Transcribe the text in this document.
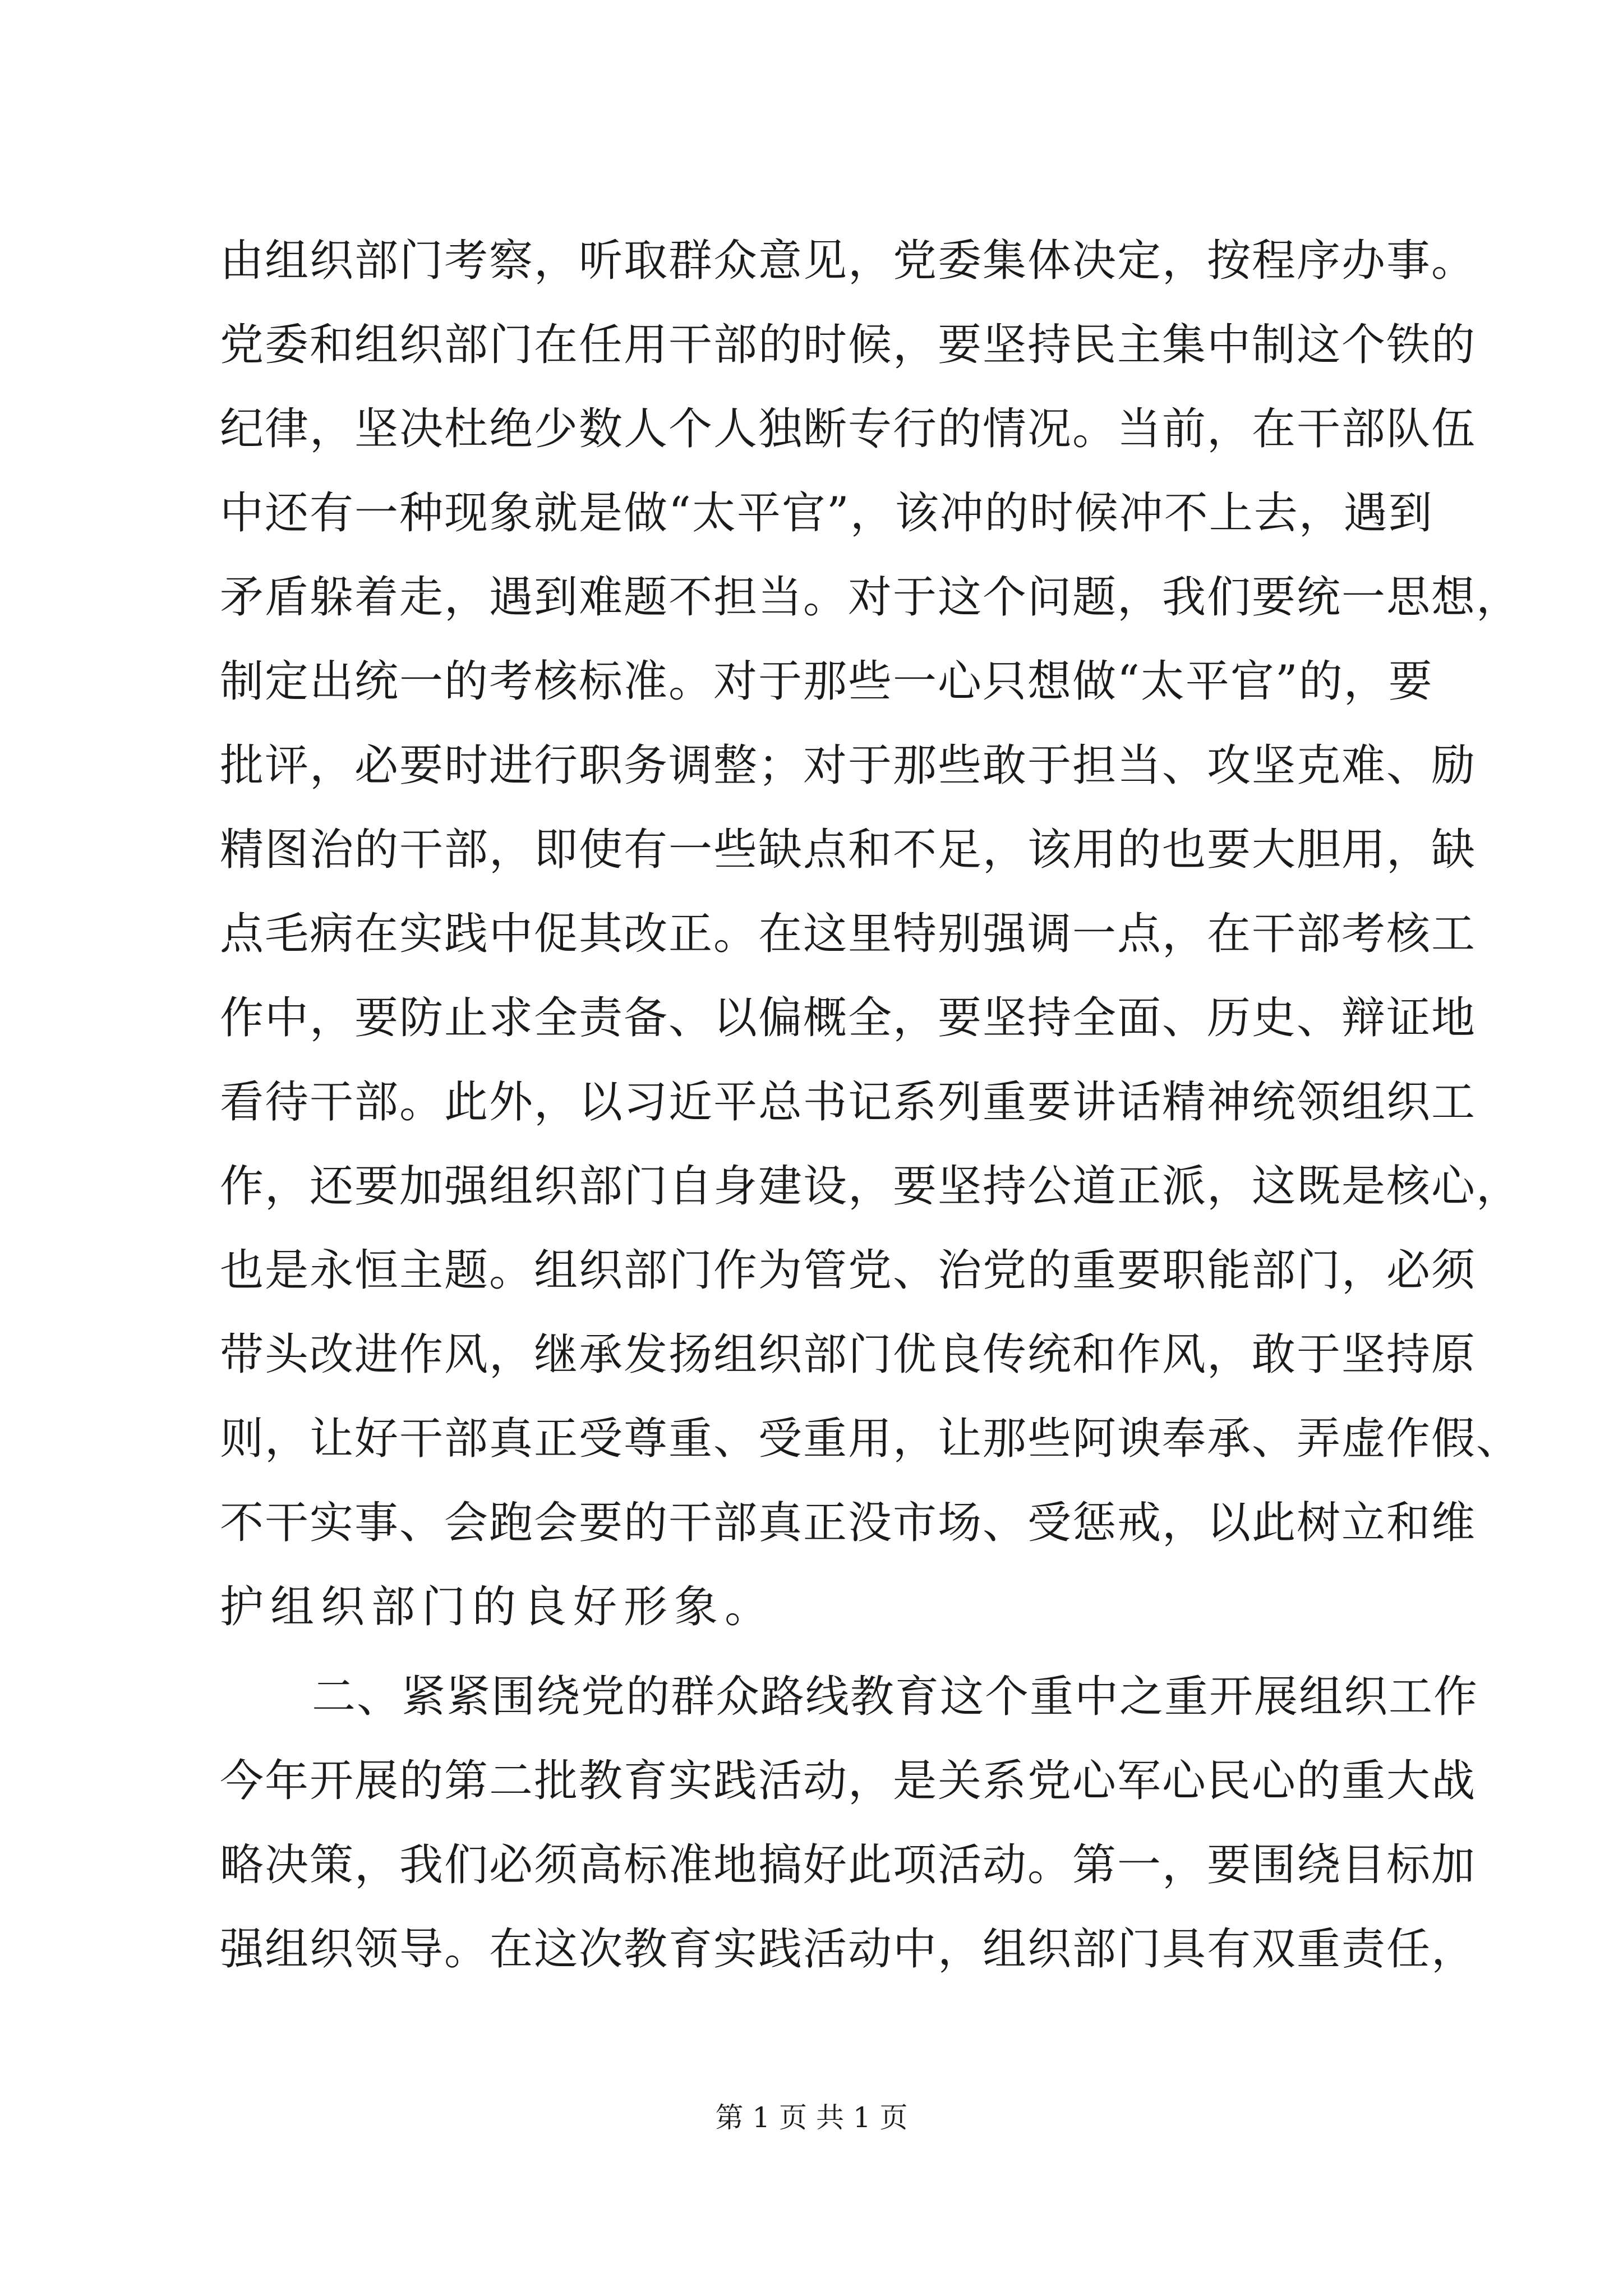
由组织部门考察，听取群众意见，党委集体决定，按程序办事。
党委和组织部门在任用干部的时候，要坚持民主集中制这个铁的
纪律，坚决杜绝少数人个人独断专行的情况。当前，在干部队伍
中还有一种现象就是做“太平官”，该冲的时候冲不上去，遇到
矛盾躲着走，遇到难题不担当。对于这个问题，我们要统一思想，
制定出统一的考核标准。对于那些一心只想做“太平官”的，要
批评，必要时进行职务调整；对于那些敢于担当、攻坚克难、励
精图治的干部，即使有一些缺点和不足，该用的也要大胆用，缺
点毛病在实践中促其改正。在这里特别强调一点，在干部考核工
作中，要防止求全责备、以偏概全，要坚持全面、历史、辩证地
看待干部。此外，以习近平总书记系列重要讲话精神统领组织工
作，还要加强组织部门自身建设，要坚持公道正派，这既是核心，
也是永恒主题。组织部门作为管党、治党的重要职能部门，必须
带头改进作风，继承发扬组织部门优良传统和作风，敢于坚持原
则，让好干部真正受尊重、受重用，让那些阿谀奉承、弄虚作假、
不干实事、会跑会要的干部真正没市场、受惩戒，以此树立和维
护组织部门的良好形象。
二、紧紧围绕党的群众路线教育这个重中之重开展组织工作
今年开展的第二批教育实践活动，是关系党心军心民心的重大战
略决策，我们必须高标准地搞好此项活动。第一，要围绕目标加
强组织领导。在这次教育实践活动中，组织部门具有双重责任，
第 1 页 共 1 页
